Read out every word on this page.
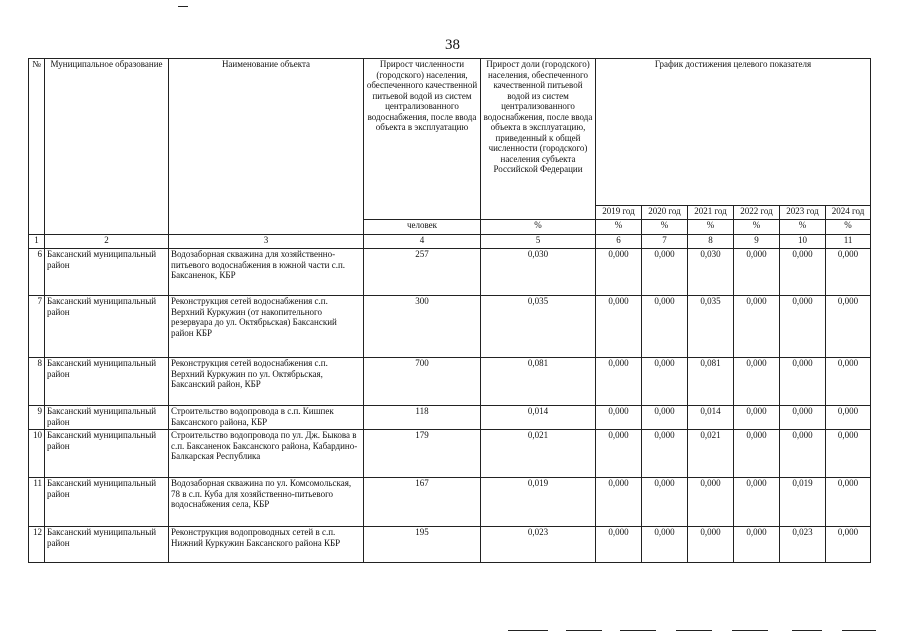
38
№	Муниципальное образование	Наименование объекта	Прирост численности (городского) населения, обеспеченного качественной питьевой водой из систем централизованного водоснабжения, после ввода объекта в эксплуатацию	Прирост доли (городского) населения, обеспеченного качественной питьевой водой из систем централизованного водоснабжения, после ввода объекта в эксплуатацию, приведенный к общей численности (городского) населения субъекта Российской Федерации	График достижения целевого показателя					
					2019 год	2020 год	2021 год	2022 год	2023 год	2024 год
			человек	%	%	%	%	%	%	%
1	2	3	4	5	6	7	8	9	10	11
6	Баксанский муниципальный район	Водозаборная скважина для хозяйственно-питьевого водоснабжения в южной части с.п. Баксаненок, КБР	257	0,030	0,000	0,000	0,030	0,000	0,000	0,000
7	Баксанский муниципальный район	Реконструкция сетей водоснабжения с.п. Верхний Куркужин (от накопительного резервуара до ул. Октябрьская) Баксанский район КБР	300	0,035	0,000	0,000	0,035	0,000	0,000	0,000
8	Баксанский муниципальный район	Реконструкция сетей водоснабжения с.п. Верхний Куркужин по ул. Октябрьская, Баксанский район, КБР	700	0,081	0,000	0,000	0,081	0,000	0,000	0,000
9	Баксанский муниципальный район	Строительство водопровода в с.п. Кишпек Баксанского района, КБР	118	0,014	0,000	0,000	0,014	0,000	0,000	0,000
10	Баксанский муниципальный район	Строительство водопровода по ул. Дж. Быкова в с.п. Баксаненок Баксанского района, Кабардино-Балкарская Республика	179	0,021	0,000	0,000	0,021	0,000	0,000	0,000
11	Баксанский муниципальный район	Водозаборная скважина по ул. Комсомольская, 78 в с.п. Куба для хозяйственно-питьевого водоснабжения села, КБР	167	0,019	0,000	0,000	0,000	0,000	0,019	0,000
12	Баксанский муниципальный район	Реконструкция водопроводных сетей в с.п. Нижний Куркужин Баксанского района КБР	195	0,023	0,000	0,000	0,000	0,000	0,023	0,000
